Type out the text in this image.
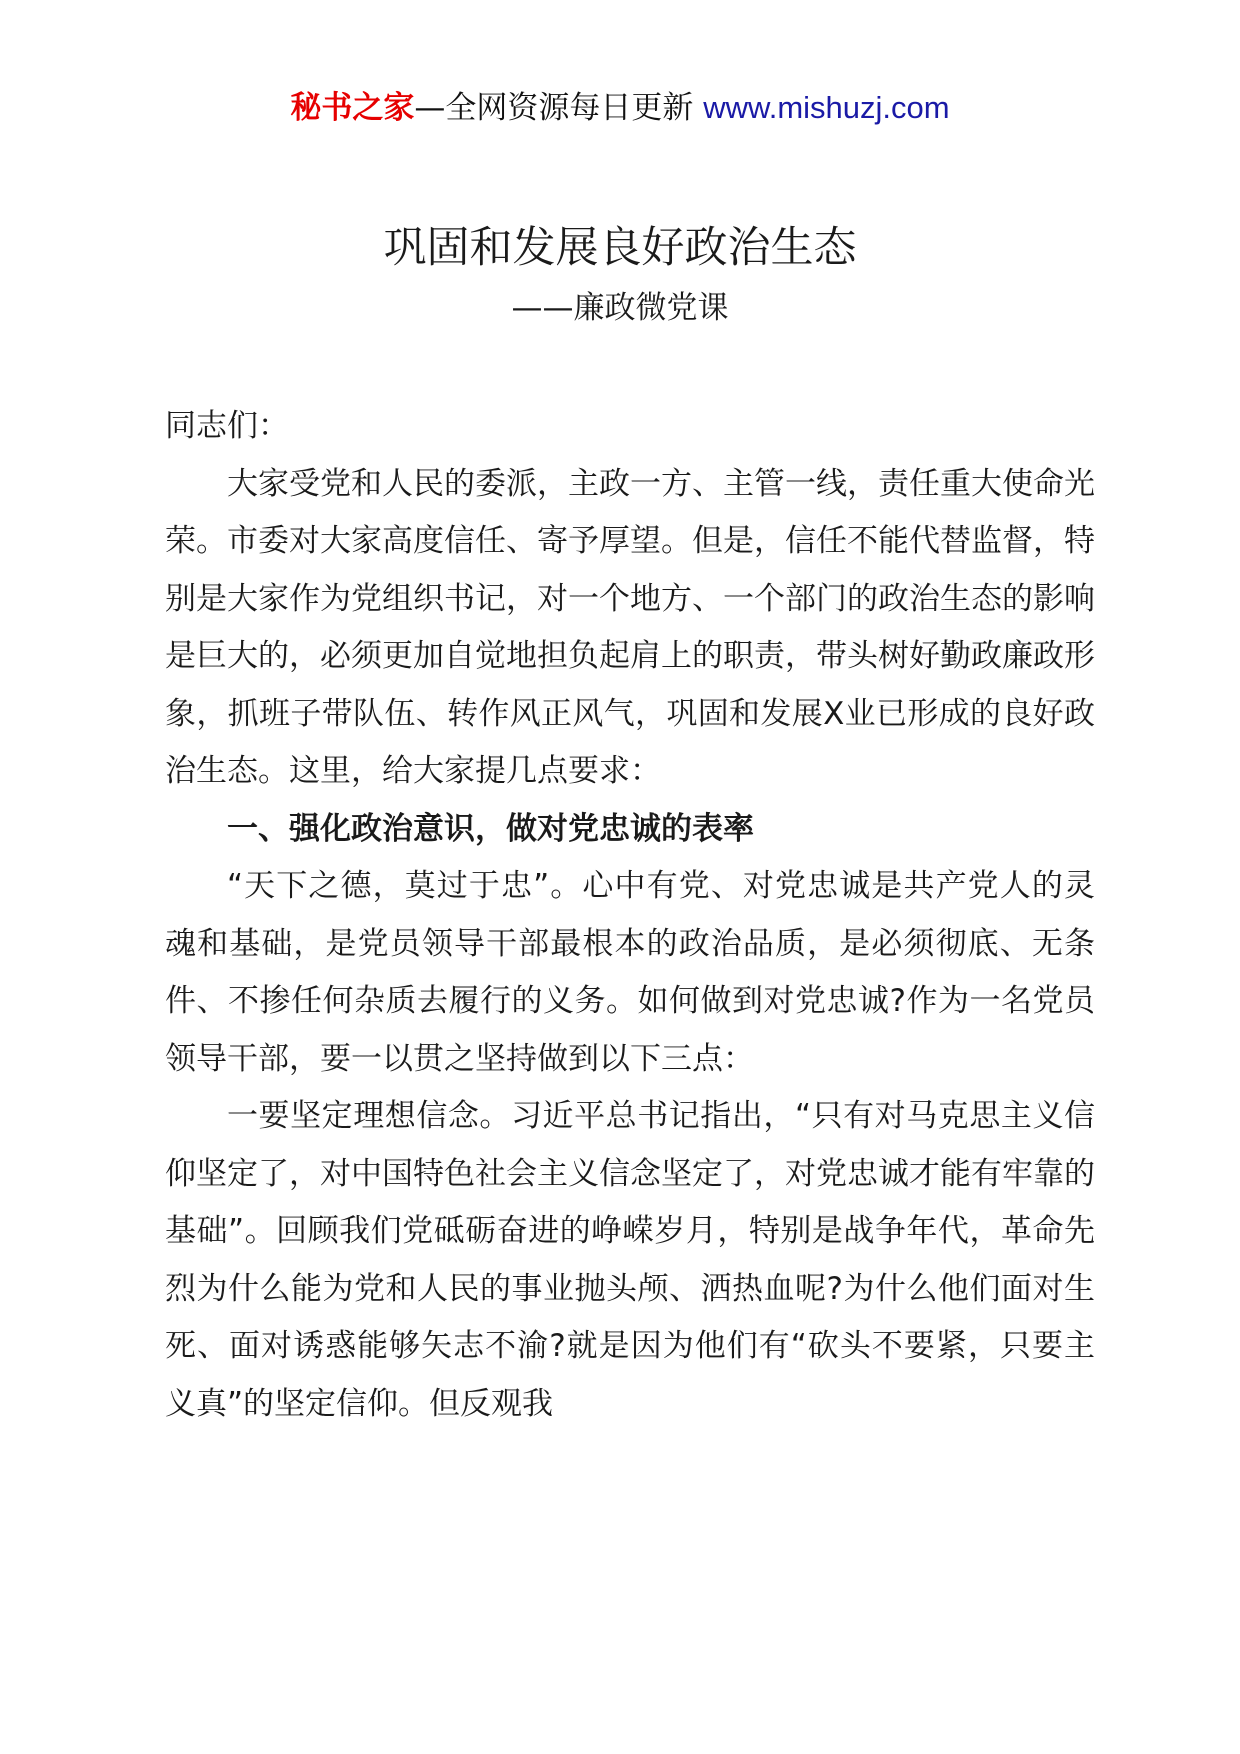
秘书之家—全网资源每日更新 www.mishuzj.com
巩固和发展良好政治生态
——廉政微党课

同志们：

大家受党和人民的委派，主政一方、主管一线，责任重大使命光荣。市委对大家高度信任、寄予厚望。但是，信任不能代替监督，特别是大家作为党组织书记，对一个地方、一个部门的政治生态的影响是巨大的，必须更加自觉地担负起肩上的职责，带头树好勤政廉政形象，抓班子带队伍、转作风正风气，巩固和发展X业已形成的良好政治生态。这里，给大家提几点要求：

一、强化政治意识，做对党忠诚的表率

“天下之德，莫过于忠”。心中有党、对党忠诚是共产党人的灵魂和基础，是党员领导干部最根本的政治品质，是必须彻底、无条件、不掺任何杂质去履行的义务。如何做到对党忠诚?作为一名党员领导干部，要一以贯之坚持做到以下三点：

一要坚定理想信念。习近平总书记指出，“只有对马克思主义信仰坚定了，对中国特色社会主义信念坚定了，对党忠诚才能有牢靠的基础”。回顾我们党砥砺奋进的峥嵘岁月，特别是战争年代，革命先烈为什么能为党和人民的事业抛头颅、洒热血呢?为什么他们面对生死、面对诱惑能够矢志不渝?就是因为他们有“砍头不要紧，只要主义真”的坚定信仰。但反观我
